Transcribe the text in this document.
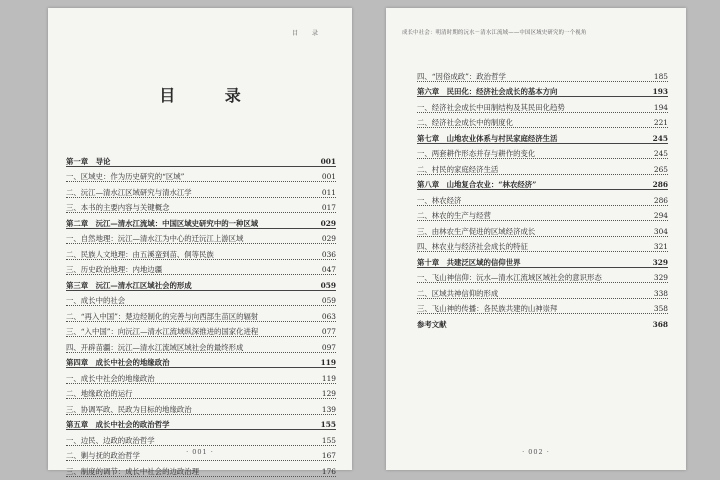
目 录
目 录
第一章　导论	001
一、区域史：作为历史研究的“区域”	001
二、沅江—清水江区域研究与清水江学	011
三、本书的主要内容与关键概念	017
第二章　沅江—清水江流域：中国区域史研究中的一种区域	029
一、自然地理：沅江—清水江为中心的迁沅江上游区域	029
二、民族人文地理：由五溪蛮到苗、侗等民族	036
三、历史政治地理：内地边疆	047
第三章　沅江—清水江区域社会的形成	059
一、成长中的社会	059
二、“再入中国”：楚边经制化的完善与向西部生苗区的辐射	063
三、“入中国”：向沅江—清水江流域纵深推进的国家化进程	077
四、开辟苗疆：沅江—清水江流域区域社会的最终形成	097
第四章　成长中社会的地缘政治	119
一、成长中社会的地缘政治	119
二、地缘政治的运行	129
三、协调军政、民政为目标的地缘政治	139
第五章　成长中社会的政治哲学	155
一、边民、边政的政治哲学	155
二、剿与抚的政治哲学	167
三、制度的调节：成长中社会的边政治理	176
· 001 ·
成长中社会：明清时期的沅水－清水江流域——中国区域史研究的一个视角
四、“因俗成政”：政治哲学	185
第六章　民田化：经济社会成长的基本方向	193
一、经济社会成长中田制结构及其民田化趋势	194
二、经济社会成长中的制度化	221
第七章　山地农业体系与村民家庭经济生活	245
一、两套耕作形态并存与耕作的变化	245
二、村民的家庭经济生活	265
第八章　山地复合农业：“林农经济”	286
一、林农经济	286
二、林农的生产与经营	294
三、由林农生产促进的区域经济成长	304
四、林农业与经济社会成长的特征	321
第十章　共建泛区域的信仰世界	329
一、飞山神信仰：沅水—清水江流域区域社会的意识形态	329
二、区域共神信仰的形成	338
三、飞山神的传播：各民族共建的山神崇拜	358
参考文献	368
· 002 ·
